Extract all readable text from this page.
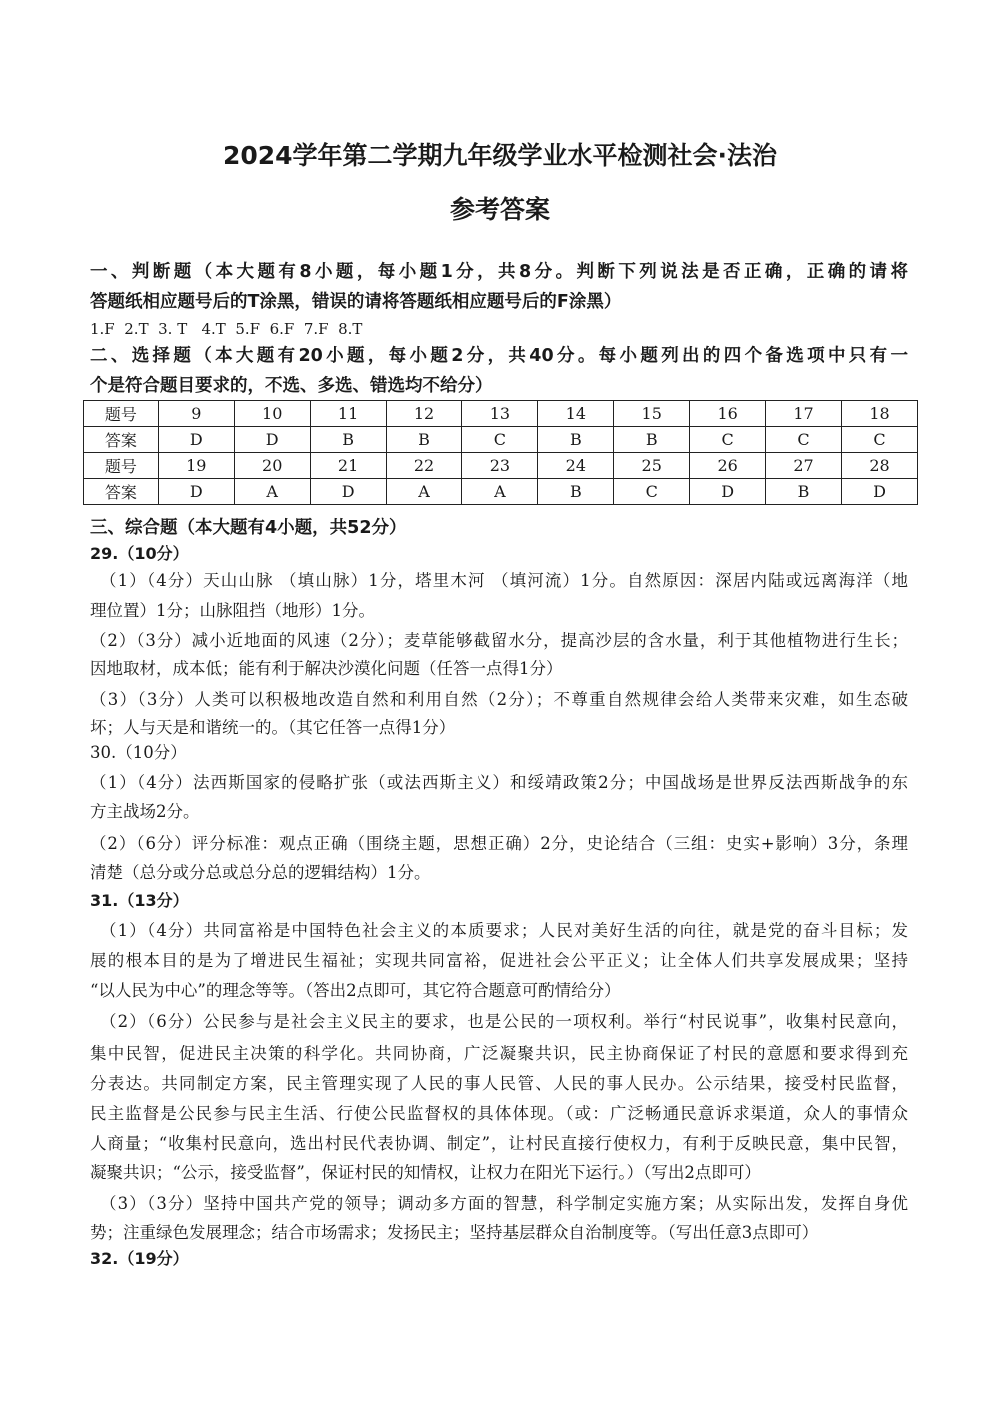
2024学年第二学期九年级学业水平检测社会·法治
参考答案
一、判断题（本大题有8小题，每小题1分，共8分。判断下列说法是否正确，正确的请将
答题纸相应题号后的T涂黑，错误的请将答题纸相应题号后的F涂黑）
1.F  2.T  3. T   4.T  5.F  6.F  7.F  8.T
二、选择题（本大题有20小题，每小题2分，共40分。每小题列出的四个备选项中只有一
个是符合题目要求的，不选、多选、错选均不给分）
题号	9	10	11	12	13	14	15	16	17	18
答案	D	D	B	B	C	B	B	C	C	C
题号	19	20	21	22	23	24	25	26	27	28
答案	D	A	D	A	A	B	C	D	B	D
三、综合题（本大题有4小题，共52分）
29.（10分）
（1）（4分）天山山脉 （填山脉）1分，塔里木河 （填河流）1分。自然原因：深居内陆或远离海洋（地
理位置）1分；山脉阻挡（地形）1分。
（2）（3分）减小近地面的风速（2分）；麦草能够截留水分，提高沙层的含水量，利于其他植物进行生长；
因地取材，成本低；能有利于解决沙漠化问题（任答一点得1分）
（3）（3分）人类可以积极地改造自然和利用自然（2分）；不尊重自然规律会给人类带来灾难，如生态破
坏；人与天是和谐统一的。（其它任答一点得1分）
30.（10分）
（1）（4分）法西斯国家的侵略扩张（或法西斯主义）和绥靖政策2分；中国战场是世界反法西斯战争的东
方主战场2分。
（2）（6分）评分标准：观点正确（围绕主题，思想正确）2分，史论结合（三组：史实+影响）3分，条理
清楚（总分或分总或总分总的逻辑结构）1分。
31.（13分）
（1）（4分）共同富裕是中国特色社会主义的本质要求；人民对美好生活的向往，就是党的奋斗目标；发
展的根本目的是为了增进民生福祉；实现共同富裕，促进社会公平正义；让全体人们共享发展成果；坚持
“以人民为中心”的理念等等。（答出2点即可，其它符合题意可酌情给分）
（2）（6分）公民参与是社会主义民主的要求，也是公民的一项权利。举行“村民说事”，收集村民意向，
集中民智，促进民主决策的科学化。共同协商，广泛凝聚共识，民主协商保证了村民的意愿和要求得到充
分表达。共同制定方案，民主管理实现了人民的事人民管、人民的事人民办。公示结果，接受村民监督，
民主监督是公民参与民主生活、行使公民监督权的具体体现。（或：广泛畅通民意诉求渠道，众人的事情众
人商量；“收集村民意向，选出村民代表协调、制定”，让村民直接行使权力，有利于反映民意，集中民智，
凝聚共识；“公示，接受监督”，保证村民的知情权，让权力在阳光下运行。）（写出2点即可）
（3）（3分）坚持中国共产党的领导；调动多方面的智慧，科学制定实施方案；从实际出发，发挥自身优
势；注重绿色发展理念；结合市场需求；发扬民主；坚持基层群众自治制度等。（写出任意3点即可）
32.（19分）
